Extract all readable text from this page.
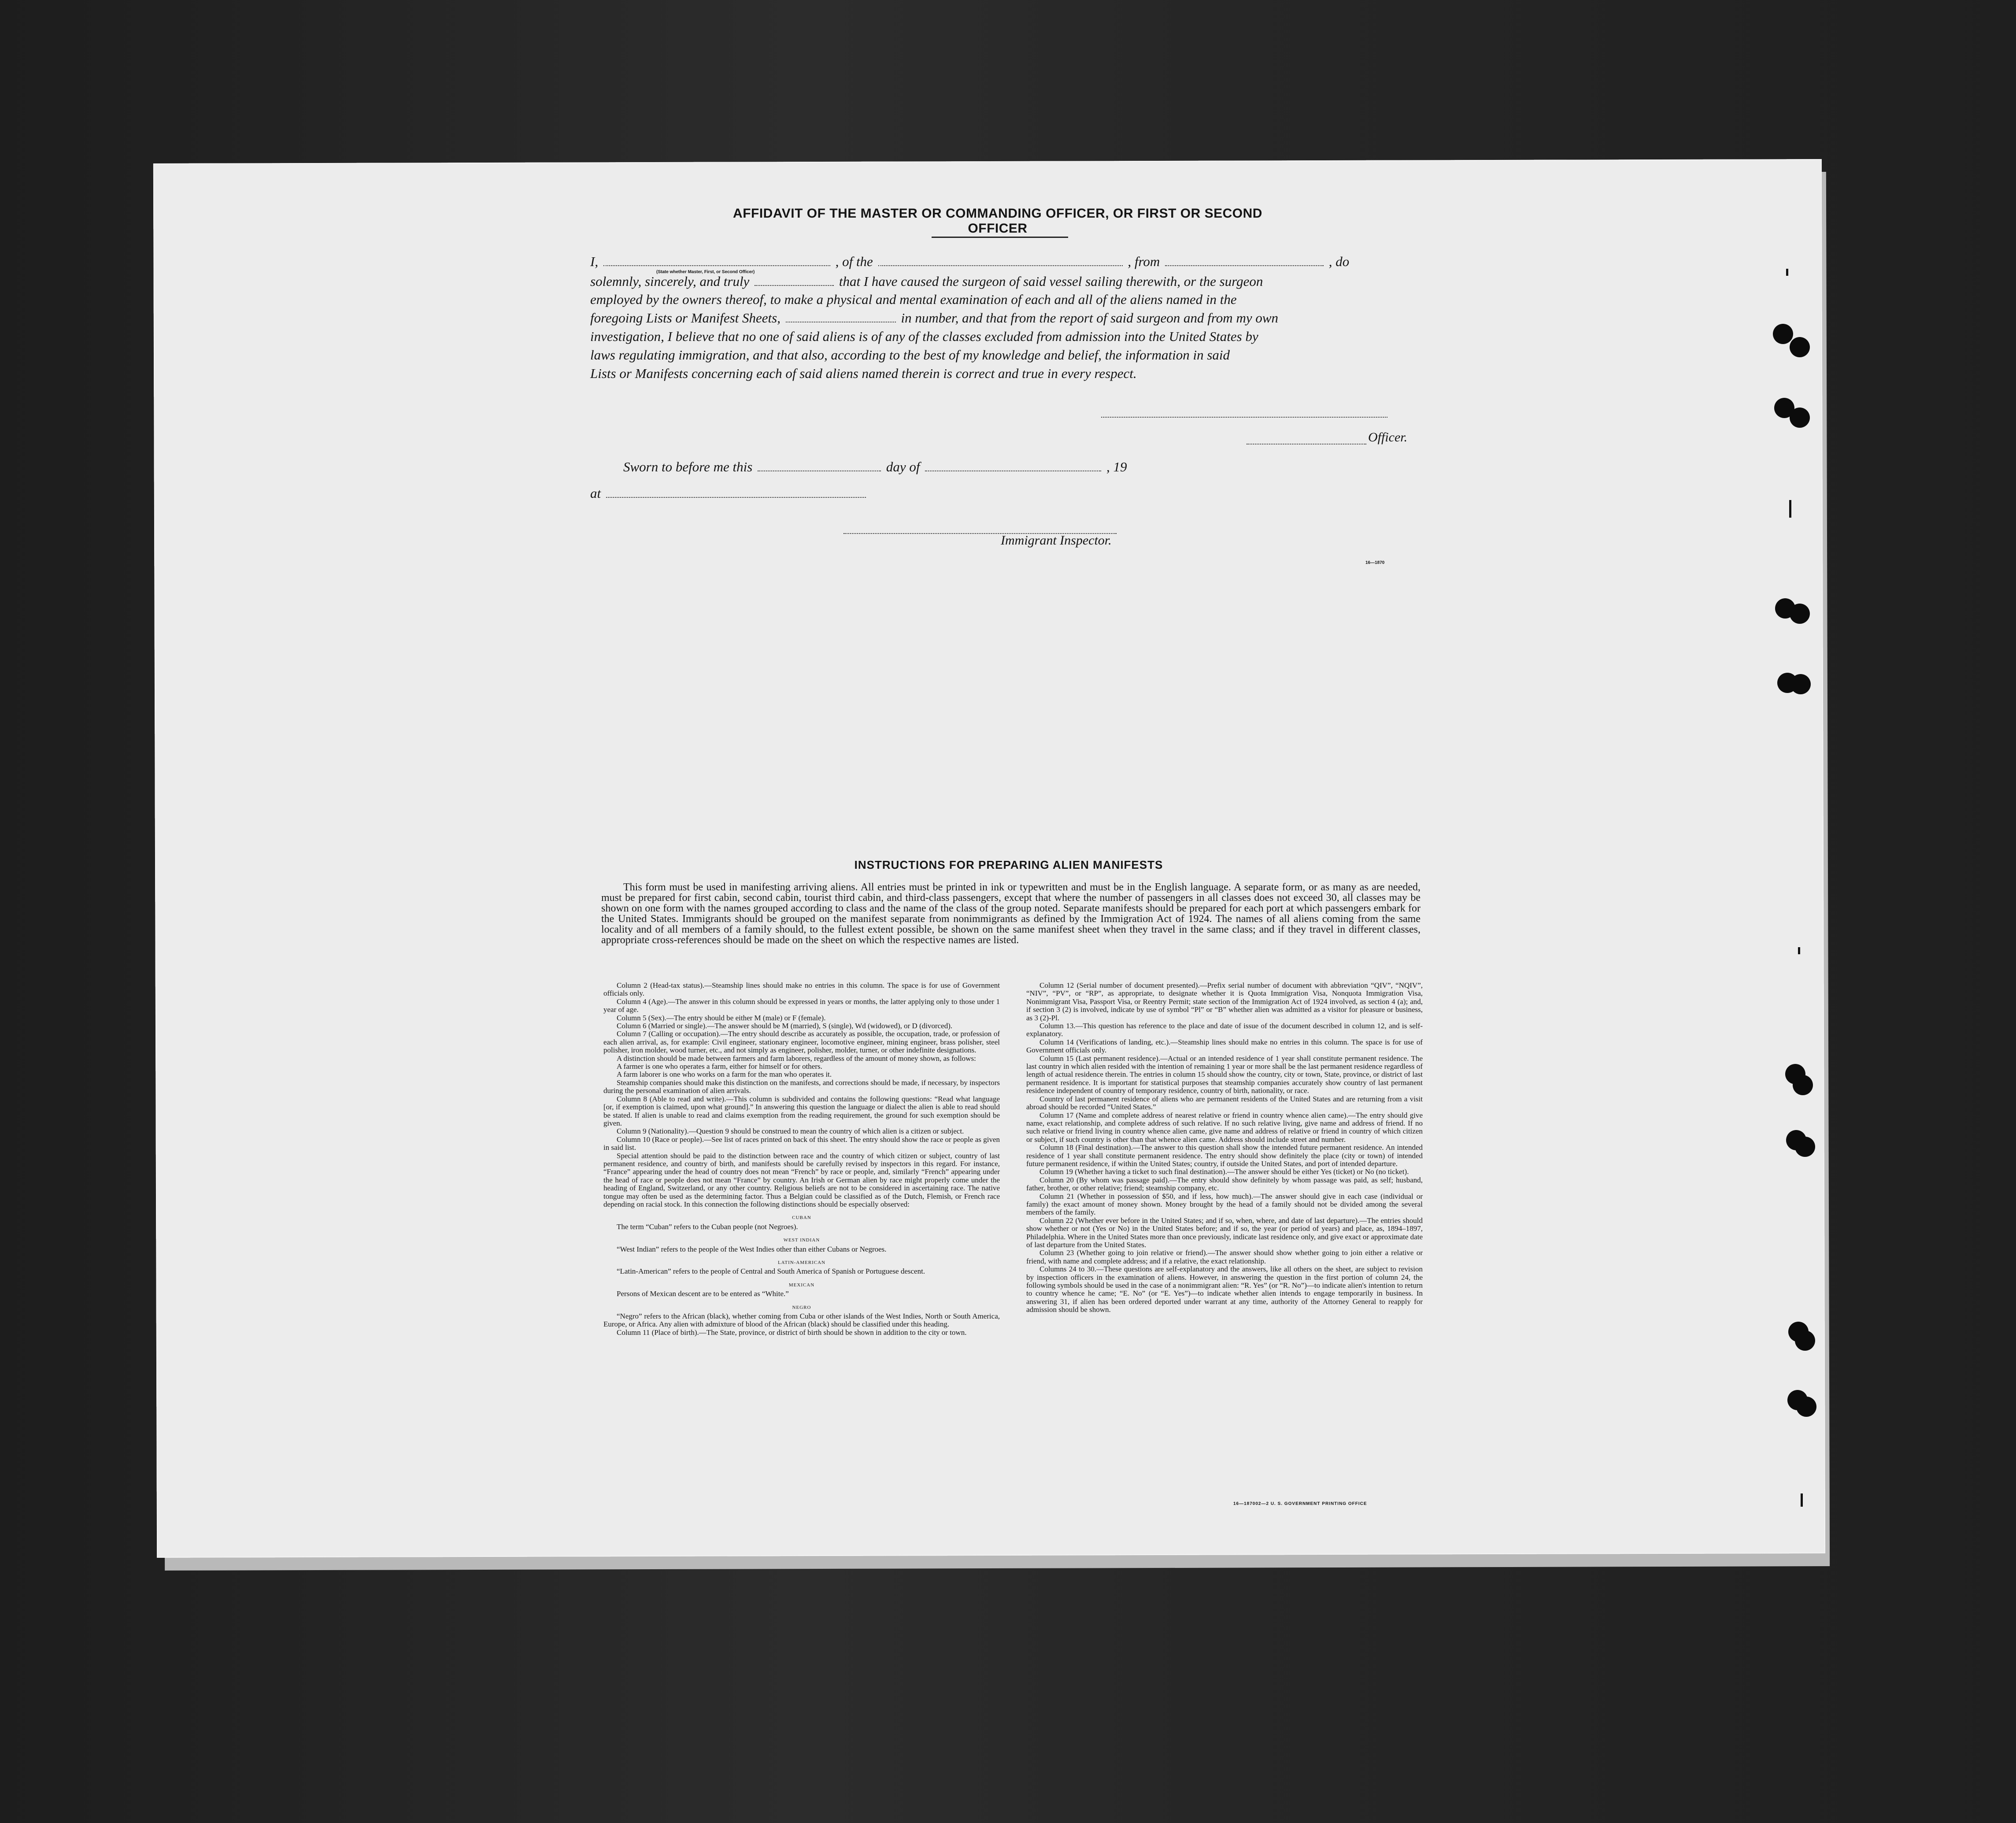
AFFIDAVIT OF THE MASTER OR COMMANDING OFFICER, OR FIRST OR SECOND OFFICER
I,	, of the	, from	, do
(State whether Master, First, or Second Officer)
solemnly, sincerely, and truly	that I have caused the surgeon of said vessel sailing therewith, or the surgeon
employed by the owners thereof, to make a physical and mental examination of each and all of the aliens named in the
foregoing Lists or Manifest Sheets,	in number, and that from the report of said surgeon and from my own
investigation, I believe that no one of said aliens is of any of the classes excluded from admission into the United States by
laws regulating immigration, and that also, according to the best of my knowledge and belief, the information in said
Lists or Manifests concerning each of said aliens named therein is correct and true in every respect.
Officer.
Sworn to before me this	day of	, 19
at
Immigrant Inspector.
16—1870
INSTRUCTIONS FOR PREPARING ALIEN MANIFESTS
This form must be used in manifesting arriving aliens. All entries must be printed in ink or typewritten and must be in the English language. A separate form, or as many as are needed, must be prepared for first cabin, second cabin, tourist third cabin, and third-class passengers, except that where the number of passengers in all classes does not exceed 30, all classes may be shown on one form with the names grouped according to class and the name of the class of the group noted. Separate manifests should be prepared for each port at which passengers embark for the United States. Immigrants should be grouped on the manifest separate from nonimmigrants as defined by the Immigration Act of 1924. The names of all aliens coming from the same locality and of all members of a family should, to the fullest extent possible, be shown on the same manifest sheet when they travel in the same class; and if they travel in different classes, appropriate cross-references should be made on the sheet on which the respective names are listed.

Column 2 (Head-tax status).—Steamship lines should make no entries in this column. The space is for use of Government officials only.

Column 4 (Age).—The answer in this column should be expressed in years or months, the latter applying only to those under 1 year of age.

Column 5 (Sex).—The entry should be either M (male) or F (female).

Column 6 (Married or single).—The answer should be M (married), S (single), Wd (widowed), or D (divorced).

Column 7 (Calling or occupation).—The entry should describe as accurately as possible, the occupation, trade, or profession of each alien arrival, as, for example: Civil engineer, stationary engineer, locomotive engineer, mining engineer, brass polisher, steel polisher, iron molder, wood turner, etc., and not simply as engineer, polisher, molder, turner, or other indefinite designations.

A distinction should be made between farmers and farm laborers, regardless of the amount of money shown, as follows:

A farmer is one who operates a farm, either for himself or for others.

A farm laborer is one who works on a farm for the man who operates it.

Steamship companies should make this distinction on the manifests, and corrections should be made, if necessary, by inspectors during the personal examination of alien arrivals.

Column 8 (Able to read and write).—This column is subdivided and contains the following questions: “Read what language [or, if exemption is claimed, upon what ground].” In answering this question the language or dialect the alien is able to read should be stated. If alien is unable to read and claims exemption from the reading requirement, the ground for such exemption should be given.

Column 9 (Nationality).—Question 9 should be construed to mean the country of which alien is a citizen or subject.

Column 10 (Race or people).—See list of races printed on back of this sheet. The entry should show the race or people as given in said list.

Special attention should be paid to the distinction between race and the country of which citizen or subject, country of last permanent residence, and country of birth, and manifests should be carefully revised by inspectors in this regard. For instance, “France” appearing under the head of country does not mean “French” by race or people, and, similarly “French” appearing under the head of race or people does not mean “France” by country. An Irish or German alien by race might properly come under the heading of England, Switzerland, or any other country. Religious beliefs are not to be considered in ascertaining race. The native tongue may often be used as the determining factor. Thus a Belgian could be classified as of the Dutch, Flemish, or French race depending on racial stock. In this connection the following distinctions should be especially observed:

CUBAN

The term “Cuban” refers to the Cuban people (not Negroes).

WEST INDIAN

“West Indian” refers to the people of the West Indies other than either Cubans or Negroes.

LATIN-AMERICAN

“Latin-American” refers to the people of Central and South America of Spanish or Portuguese descent.

MEXICAN

Persons of Mexican descent are to be entered as “White.”

NEGRO

“Negro” refers to the African (black), whether coming from Cuba or other islands of the West Indies, North or South America, Europe, or Africa. Any alien with admixture of blood of the African (black) should be classified under this heading.

Column 11 (Place of birth).—The State, province, or district of birth should be shown in addition to the city or town.

Column 12 (Serial number of document presented).—Prefix serial number of document with abbreviation “QIV”, “NQIV”, “NIV”, “PV”, or “RP”, as appropriate, to designate whether it is Quota Immigration Visa, Nonquota Immigration Visa, Nonimmigrant Visa, Passport Visa, or Reentry Permit; state section of the Immigration Act of 1924 involved, as section 4 (a); and, if section 3 (2) is involved, indicate by use of symbol “Pl” or “B” whether alien was admitted as a visitor for pleasure or business, as 3 (2)-Pl.

Column 13.—This question has reference to the place and date of issue of the document described in column 12, and is self-explanatory.

Column 14 (Verifications of landing, etc.).—Steamship lines should make no entries in this column. The space is for use of Government officials only.

Column 15 (Last permanent residence).—Actual or an intended residence of 1 year shall constitute permanent residence. The last country in which alien resided with the intention of remaining 1 year or more shall be the last permanent residence regardless of length of actual residence therein. The entries in column 15 should show the country, city or town, State, province, or district of last permanent residence. It is important for statistical purposes that steamship companies accurately show country of last permanent residence independent of country of temporary residence, country of birth, nationality, or race.

Country of last permanent residence of aliens who are permanent residents of the United States and are returning from a visit abroad should be recorded “United States.”

Column 17 (Name and complete address of nearest relative or friend in country whence alien came).—The entry should give name, exact relationship, and complete address of such relative. If no such relative living, give name and address of friend. If no such relative or friend living in country whence alien came, give name and address of relative or friend in country of which citizen or subject, if such country is other than that whence alien came. Address should include street and number.

Column 18 (Final destination).—The answer to this question shall show the intended future permanent residence. An intended residence of 1 year shall constitute permanent residence. The entry should show definitely the place (city or town) of intended future permanent residence, if within the United States; country, if outside the United States, and port of intended departure.

Column 19 (Whether having a ticket to such final destination).—The answer should be either Yes (ticket) or No (no ticket).

Column 20 (By whom was passage paid).—The entry should show definitely by whom passage was paid, as self; husband, father, brother, or other relative; friend; steamship company, etc.

Column 21 (Whether in possession of $50, and if less, how much).—The answer should give in each case (individual or family) the exact amount of money shown. Money brought by the head of a family should not be divided among the several members of the family.

Column 22 (Whether ever before in the United States; and if so, when, where, and date of last departure).—The entries should show whether or not (Yes or No) in the United States before; and if so, the year (or period of years) and place, as, 1894–1897, Philadelphia. Where in the United States more than once previously, indicate last residence only, and give exact or approximate date of last departure from the United States.

Column 23 (Whether going to join relative or friend).—The answer should show whether going to join either a relative or friend, with name and complete address; and if a relative, the exact relationship.

Columns 24 to 30.—These questions are self-explanatory and the answers, like all others on the sheet, are subject to revision by inspection officers in the examination of aliens. However, in answering the question in the first portion of column 24, the following symbols should be used in the case of a nonimmigrant alien: “R. Yes” (or “R. No”)—to indicate alien's intention to return to country whence he came; “E. No” (or “E. Yes”)—to indicate whether alien intends to engage temporarily in business. In answering 31, if alien has been ordered deported under warrant at any time, authority of the Attorney General to reapply for admission should be shown.

16—187002—2 U. S. GOVERNMENT PRINTING OFFICE
